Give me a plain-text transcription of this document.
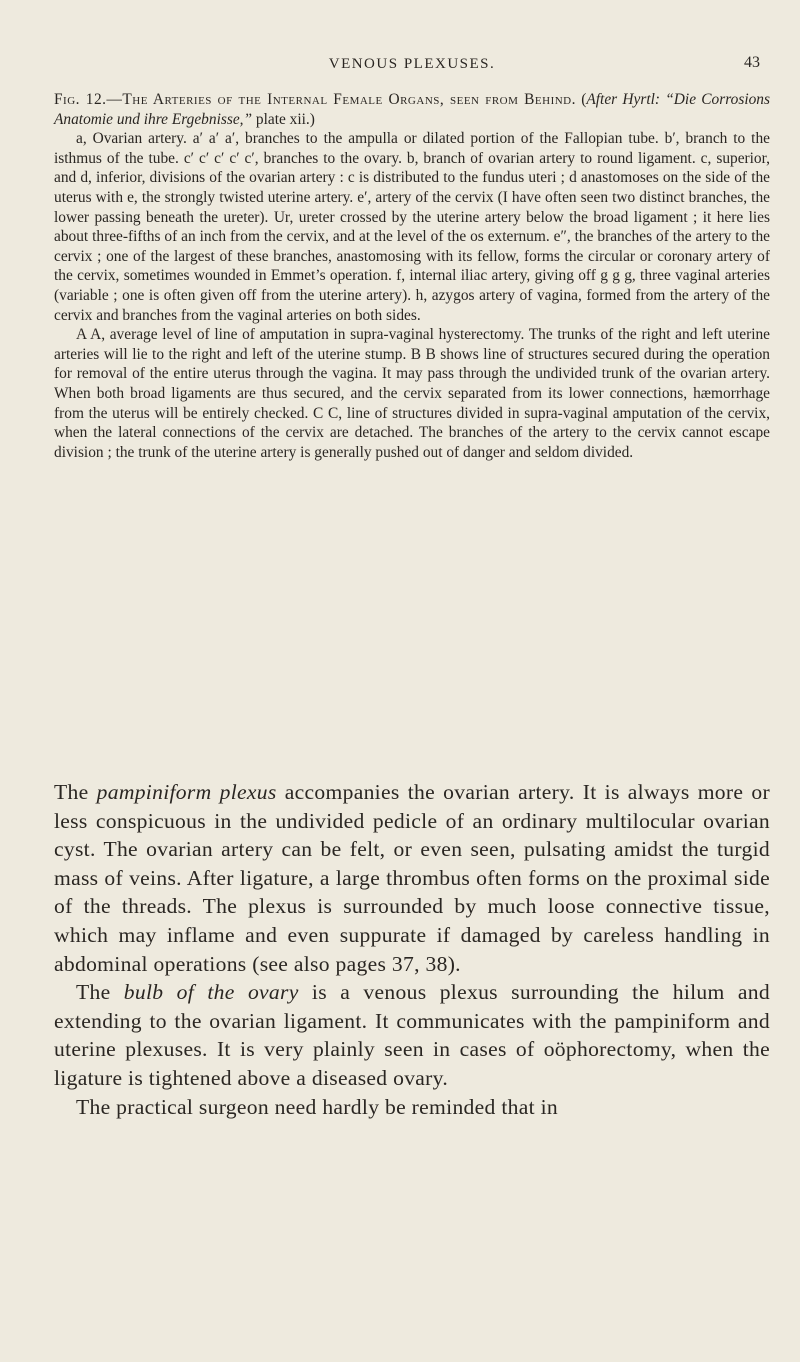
VENOUS PLEXUSES.	43

Fig. 12.—The Arteries of the Internal Female Organs, seen from Behind. (After Hyrtl: “Die Corrosions Anatomie und ihre Ergebnisse,” plate xii.)

a, Ovarian artery. a′ a′ a′, branches to the ampulla or dilated portion of the Fallopian tube. b′, branch to the isthmus of the tube. c′ c′ c′ c′ c′, branches to the ovary. b, branch of ovarian artery to round ligament. c, superior, and d, inferior, divisions of the ovarian artery : c is distributed to the fundus uteri ; d anastomoses on the side of the uterus with e, the strongly twisted uterine artery. e′, artery of the cervix (I have often seen two distinct branches, the lower passing beneath the ureter). Ur, ureter crossed by the uterine artery below the broad ligament ; it here lies about three-fifths of an inch from the cervix, and at the level of the os externum. e″, the branches of the artery to the cervix ; one of the largest of these branches, anastomosing with its fellow, forms the circular or coronary artery of the cervix, sometimes wounded in Emmet’s operation. f, internal iliac artery, giving off g g g, three vaginal arteries (variable ; one is often given off from the uterine artery). h, azygos artery of vagina, formed from the artery of the cervix and branches from the vaginal arteries on both sides.

A A, average level of line of amputation in supra-vaginal hysterectomy. The trunks of the right and left uterine arteries will lie to the right and left of the uterine stump. B B shows line of structures secured during the operation for removal of the entire uterus through the vagina. It may pass through the undivided trunk of the ovarian artery. When both broad ligaments are thus secured, and the cervix separated from its lower connections, hæmorrhage from the uterus will be entirely checked. C C, line of structures divided in supra-vaginal amputation of the cervix, when the lateral connections of the cervix are detached. The branches of the artery to the cervix cannot escape division ; the trunk of the uterine artery is generally pushed out of danger and seldom divided.

The pampiniform plexus accompanies the ovarian artery. It is always more or less conspicuous in the undivided pedicle of an ordinary multilocular ovarian cyst. The ovarian artery can be felt, or even seen, pulsating amidst the turgid mass of veins. After ligature, a large thrombus often forms on the proximal side of the threads. The plexus is surrounded by much loose connective tissue, which may inflame and even suppurate if damaged by careless handling in abdominal operations (see also pages 37, 38).

The bulb of the ovary is a venous plexus surrounding the hilum and extending to the ovarian ligament. It communicates with the pampiniform and uterine plexuses. It is very plainly seen in cases of oöphorectomy, when the ligature is tightened above a diseased ovary.

The practical surgeon need hardly be reminded that in
